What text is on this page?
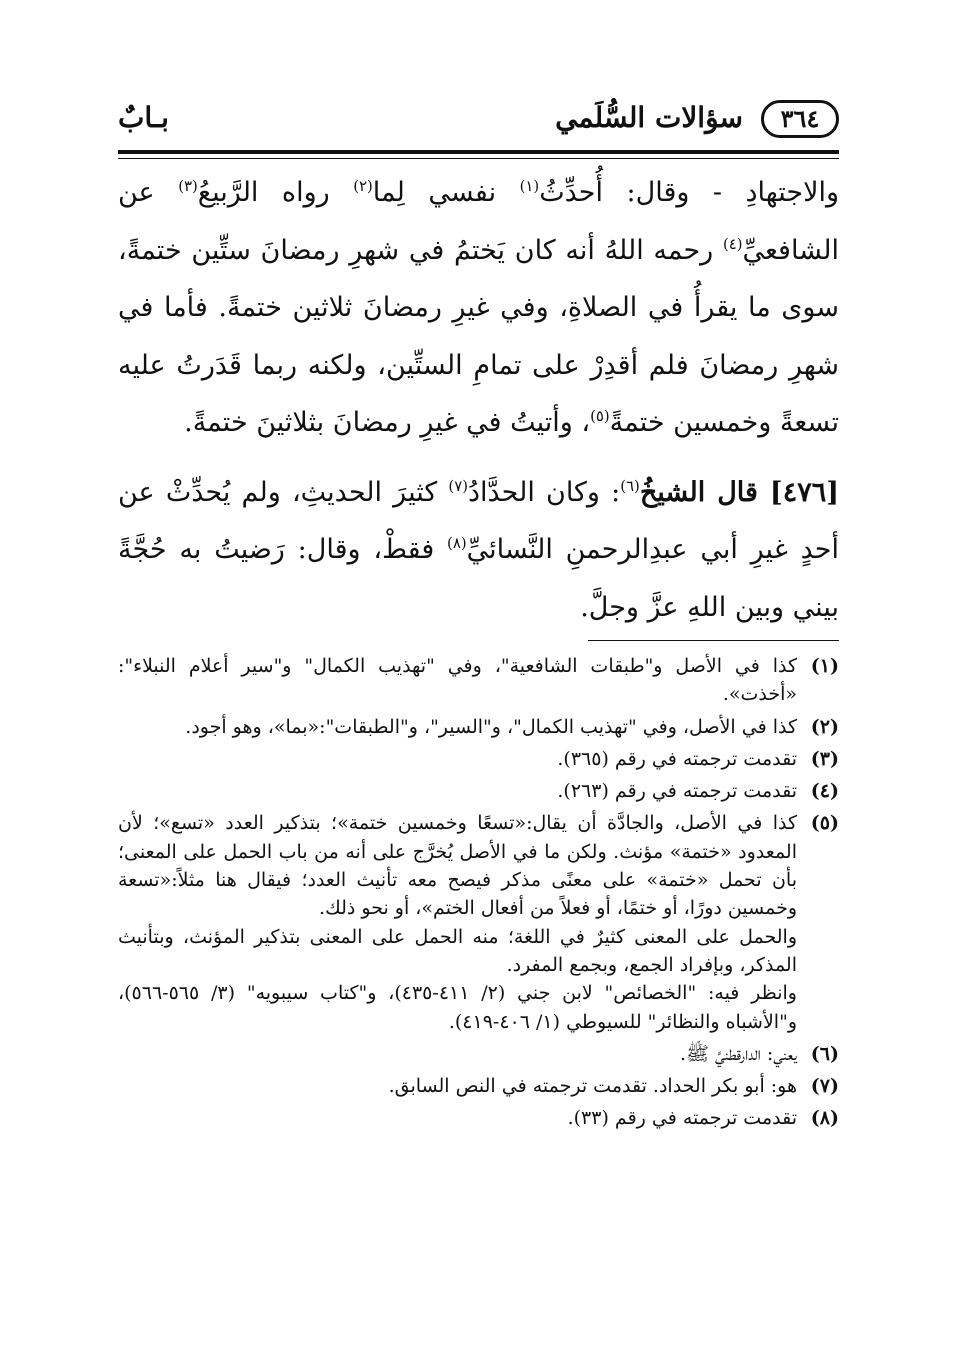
٣٦٤
سؤالات السُّلَمي
بـابٌ

والاجتهادِ - وقال: أُحدِّثُ$^{(١)}$ نفسي لِما$^{(٢)}$ رواه الرَّبيعُ$^{(٣)}$ عن الشافعيِّ$^{(٤)}$ رحمه اللهُ أنه كان يَختمُ في شهرِ رمضانَ ستِّين ختمةً، سوى ما يقرأُ في الصلاةِ، وفي غيرِ رمضانَ ثلاثين ختمةً. فأما في شهرِ رمضانَ فلم أقدِرْ على تمامِ الستِّين، ولكنه ربما قَدَرتُ عليه تسعةً وخمسين ختمةً$^{(٥)}$، وأتيتُ في غيرِ رمضانَ بثلاثينَ ختمةً.

[٤٧٦] قال الشيخُ$^{(٦)}$: وكان الحدَّادُ$^{(٧)}$ كثيرَ الحديثِ، ولم يُحدِّثْ عن أحدٍ غيرِ أبي عبدِالرحمنِ النَّسائيِّ$^{(٨)}$ فقطْ، وقال: رَضيتُ به حُجَّةً بيني وبين اللهِ عزَّ وجلَّ.

(١)

كذا في الأصل و"طبقات الشافعية"، وفي "تهذيب الكمال" و"سير أعلام النبلاء": «أخذت».

(٢)

كذا في الأصل، وفي "تهذيب الكمال"، و"السير"، و"الطبقات":«بما»، وهو أجود.

(٣)

تقدمت ترجمته في رقم (٣٦٥).

(٤)

تقدمت ترجمته في رقم (٢٦٣).

(٥)

كذا في الأصل، والجادَّة أن يقال:«تسعًا وخمسين ختمة»؛ بتذكير العدد «تسع»؛ لأن المعدود «ختمة» مؤنث. ولكن ما في الأصل يُخرَّج على أنه من باب الحمل على المعنى؛ بأن تحمل «ختمة» على معنًى مذكر فيصح معه تأنيث العدد؛ فيقال هنا مثلاً:«تسعة وخمسين دورًا، أو ختمًا، أو فعلاً من أفعال الختم»، أو نحو ذلك.

والحمل على المعنى كثيرٌ في اللغة؛ منه الحمل على المعنى بتذكير المؤنث، وبتأنيث المذكر، وبإفراد الجمع، وبجمع المفرد.

وانظر فيه: "الخصائص" لابن جني (٢/ ٤١١-٤٣٥)، و"كتاب سيبويه" (٣/ ٥٦٥-٥٦٦)، و"الأشباه والنظائر" للسيوطي (١/ ٤٠٦-٤١٩).

(٦)

يعني: الدارقطنيَّ ﷺ.

(٧)

هو: أبو بكر الحداد. تقدمت ترجمته في النص السابق.

(٨)

تقدمت ترجمته في رقم (٣٣).
